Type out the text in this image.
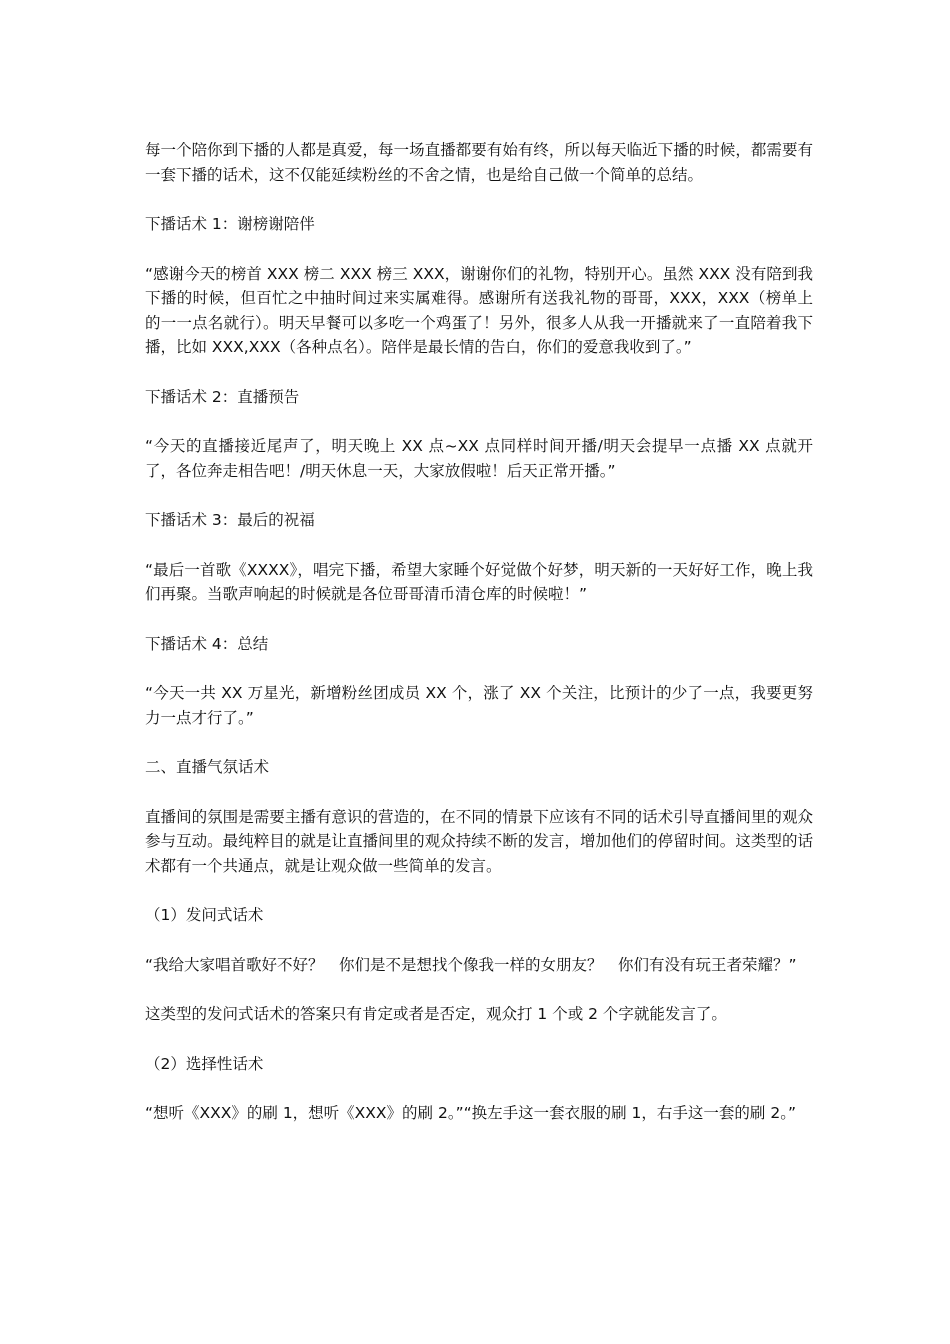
每一个陪你到下播的人都是真爱，每一场直播都要有始有终，所以每天临近下播的时候，都需要有一套下播的话术，这不仅能延续粉丝的不舍之情，也是给自己做一个简单的总结。

下播话术 1：谢榜谢陪伴

“感谢今天的榜首 XXX 榜二 XXX 榜三 XXX，谢谢你们的礼物，特别开心。虽然 XXX 没有陪到我下播的时候，但百忙之中抽时间过来实属难得。感谢所有送我礼物的哥哥，XXX，XXX（榜单上的一一点名就行）。明天早餐可以多吃一个鸡蛋了！另外，很多人从我一开播就来了一直陪着我下播，比如 XXX,XXX（各种点名）。陪伴是最长情的告白，你们的爱意我收到了。”

下播话术 2：直播预告

“今天的直播接近尾声了，明天晚上 XX 点~XX 点同样时间开播/明天会提早一点播 XX 点就开了，各位奔走相告吧！/明天休息一天，大家放假啦！后天正常开播。”

下播话术 3：最后的祝福

“最后一首歌《XXXX》，唱完下播，希望大家睡个好觉做个好梦，明天新的一天好好工作，晚上我们再聚。当歌声响起的时候就是各位哥哥清币清仓库的时候啦！”

下播话术 4：总结

“今天一共 XX 万星光，新增粉丝团成员 XX 个，涨了 XX 个关注，比预计的少了一点，我要更努力一点才行了。”

二、直播气氛话术

直播间的氛围是需要主播有意识的营造的，在不同的情景下应该有不同的话术引导直播间里的观众参与互动。最纯粹目的就是让直播间里的观众持续不断的发言，增加他们的停留时间。这类型的话术都有一个共通点，就是让观众做一些简单的发言。

（1）发问式话术

“我给大家唱首歌好不好？　你们是不是想找个像我一样的女朋友？　你们有没有玩王者荣耀？”

这类型的发问式话术的答案只有肯定或者是否定，观众打 1 个或 2 个字就能发言了。

（2）选择性话术

“想听《XXX》的刷 1，想听《XXX》的刷 2。”“换左手这一套衣服的刷 1，右手这一套的刷 2。”
